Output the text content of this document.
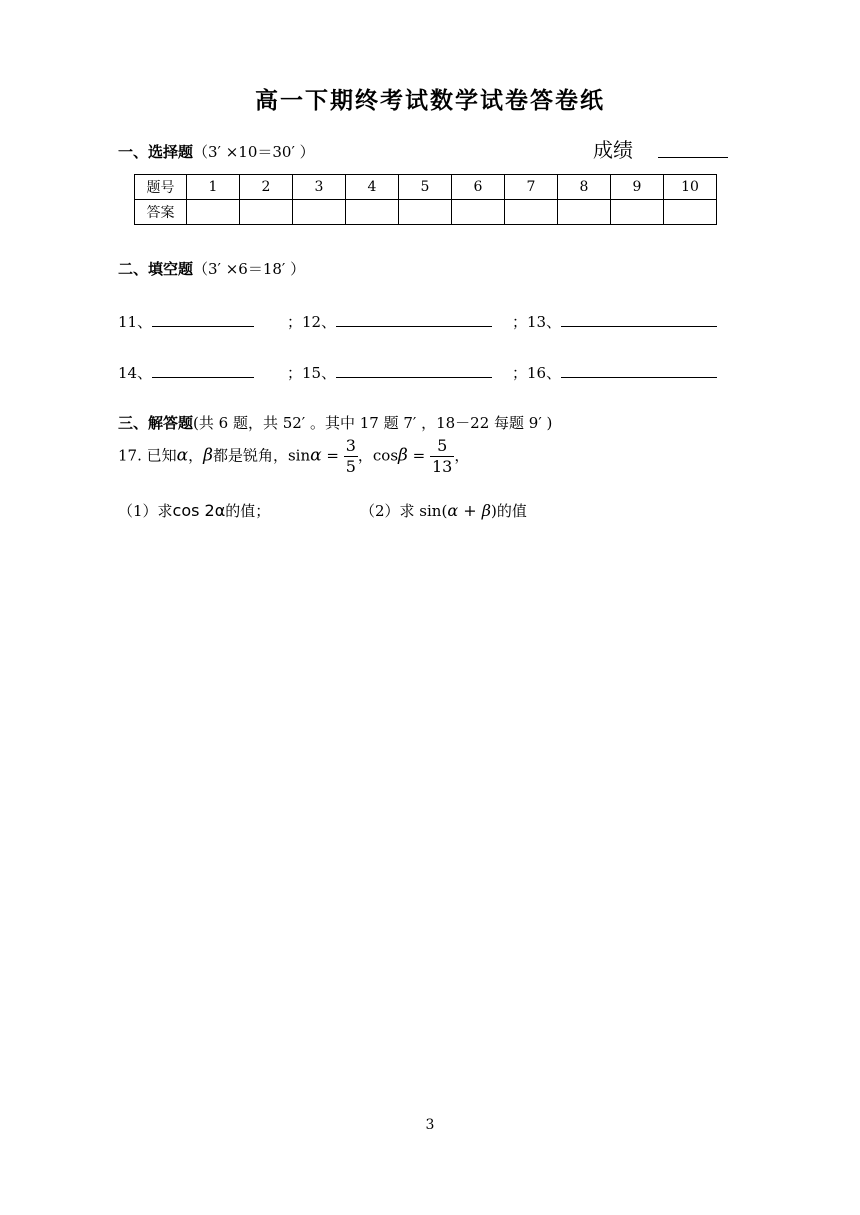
高一下期终考试数学试卷答卷纸
一、选择题（3′ ×10＝30′ ）	成绩
题号	1	2	3	4	5	6	7	8	9	10
答案										
二、填空题（3′ ×6＝18′ ）
11、	；12、	；13、
14、	；15、	；16、
三、解答题(共 6 题，共 52′ 。其中 17 题 7′ ，18－22 每题 9′ )
17. 已知α，β都是锐角，$\sin\alpha = \frac{3}{5}$ ，$\cos\beta = \frac{5}{13}$ ，
（1）求cos 2α的值；	（2）求 sin(α + β)的值
3
